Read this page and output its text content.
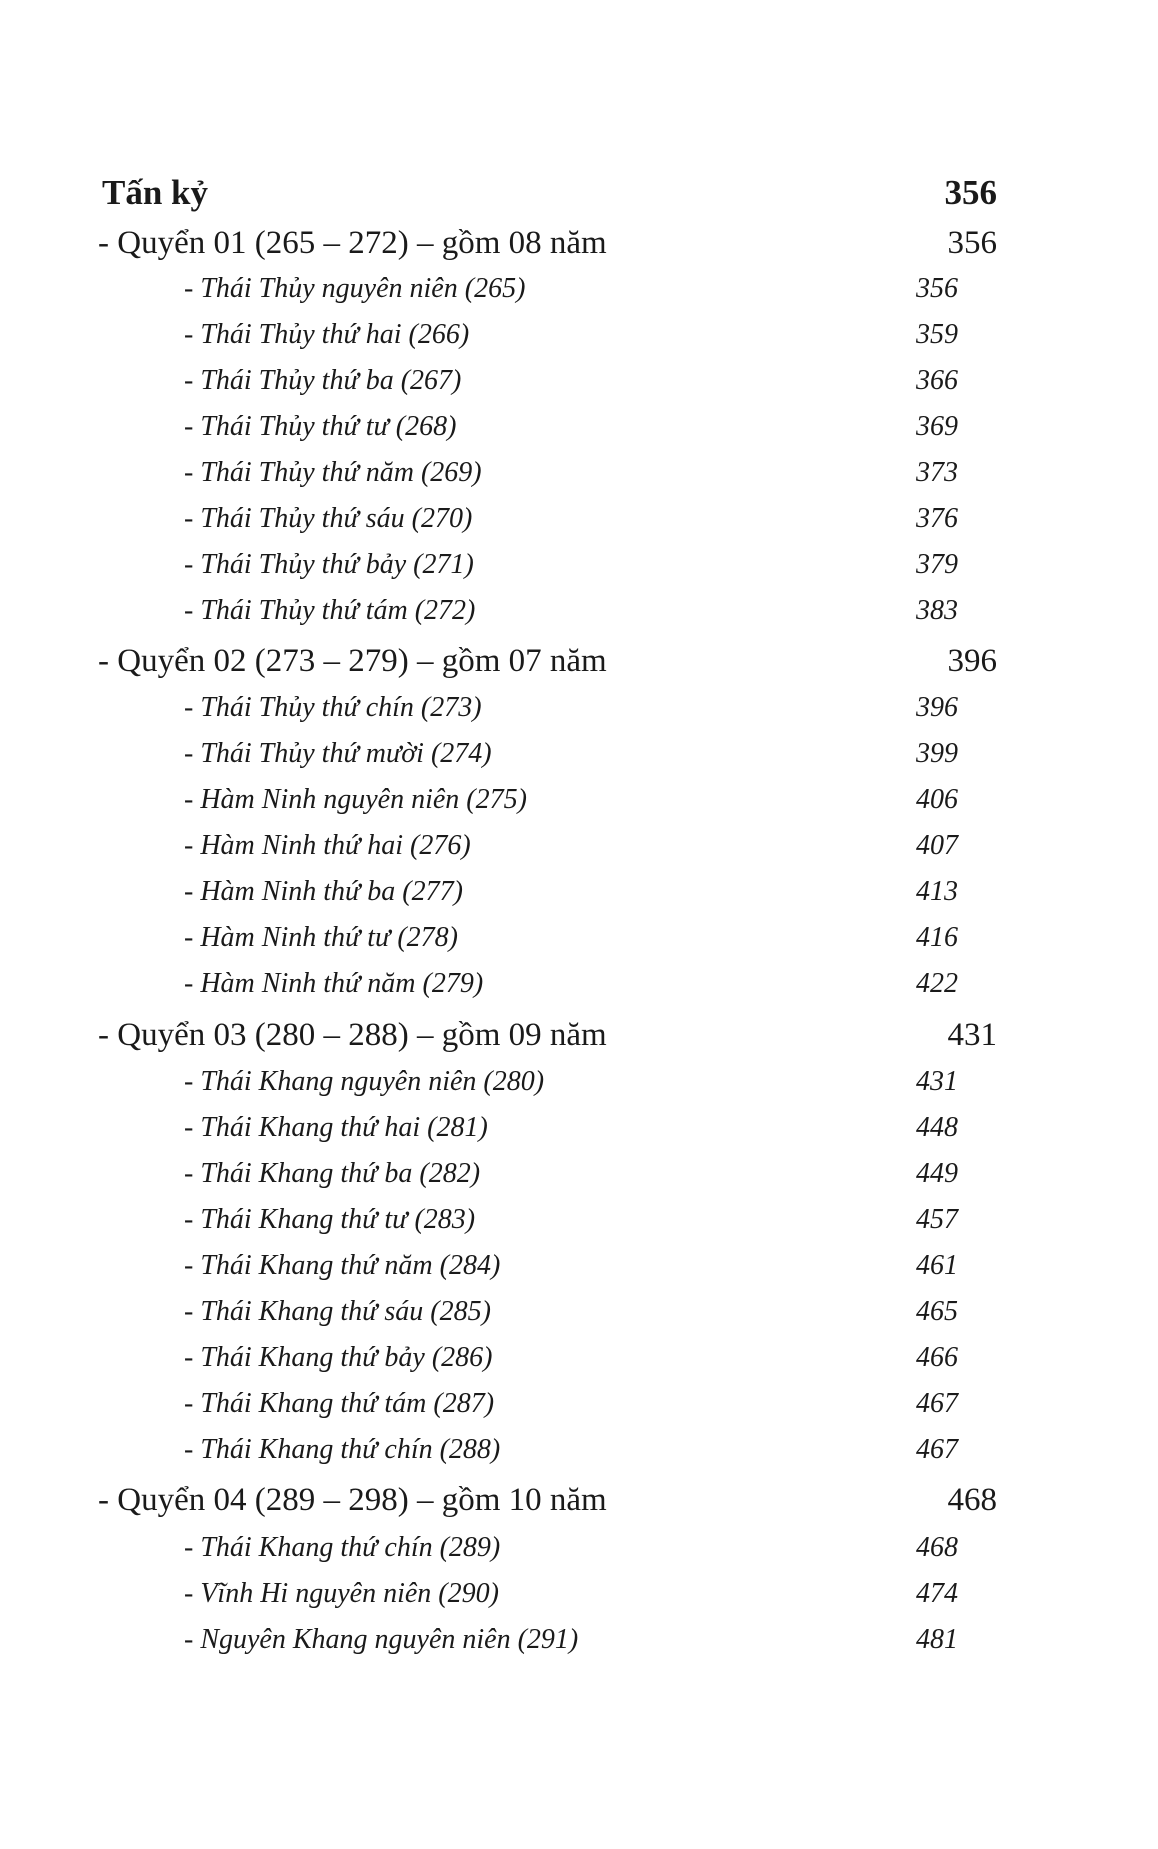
Tấn kỷ	356
- Quyển 01 (265 – 272) – gồm 08 năm	356
- Thái Thủy nguyên niên (265)	356
- Thái Thủy thứ hai (266)	359
- Thái Thủy thứ ba (267)	366
- Thái Thủy thứ tư (268)	369
- Thái Thủy thứ năm (269)	373
- Thái Thủy thứ sáu (270)	376
- Thái Thủy thứ bảy (271)	379
- Thái Thủy thứ tám (272)	383
- Quyển 02 (273 – 279) – gồm 07 năm	396
- Thái Thủy thứ chín (273)	396
- Thái Thủy thứ mười (274)	399
- Hàm Ninh nguyên niên (275)	406
- Hàm Ninh thứ hai (276)	407
- Hàm Ninh thứ ba (277)	413
- Hàm Ninh thứ tư (278)	416
- Hàm Ninh thứ năm (279)	422
- Quyển 03 (280 – 288) – gồm 09 năm	431
- Thái Khang nguyên niên (280)	431
- Thái Khang thứ hai (281)	448
- Thái Khang thứ ba (282)	449
- Thái Khang thứ tư (283)	457
- Thái Khang thứ năm (284)	461
- Thái Khang thứ sáu (285)	465
- Thái Khang thứ bảy (286)	466
- Thái Khang thứ tám (287)	467
- Thái Khang thứ chín (288)	467
- Quyển 04 (289 – 298) – gồm 10 năm	468
- Thái Khang thứ chín (289)	468
- Vĩnh Hi nguyên niên (290)	474
- Nguyên Khang nguyên niên (291)	481
